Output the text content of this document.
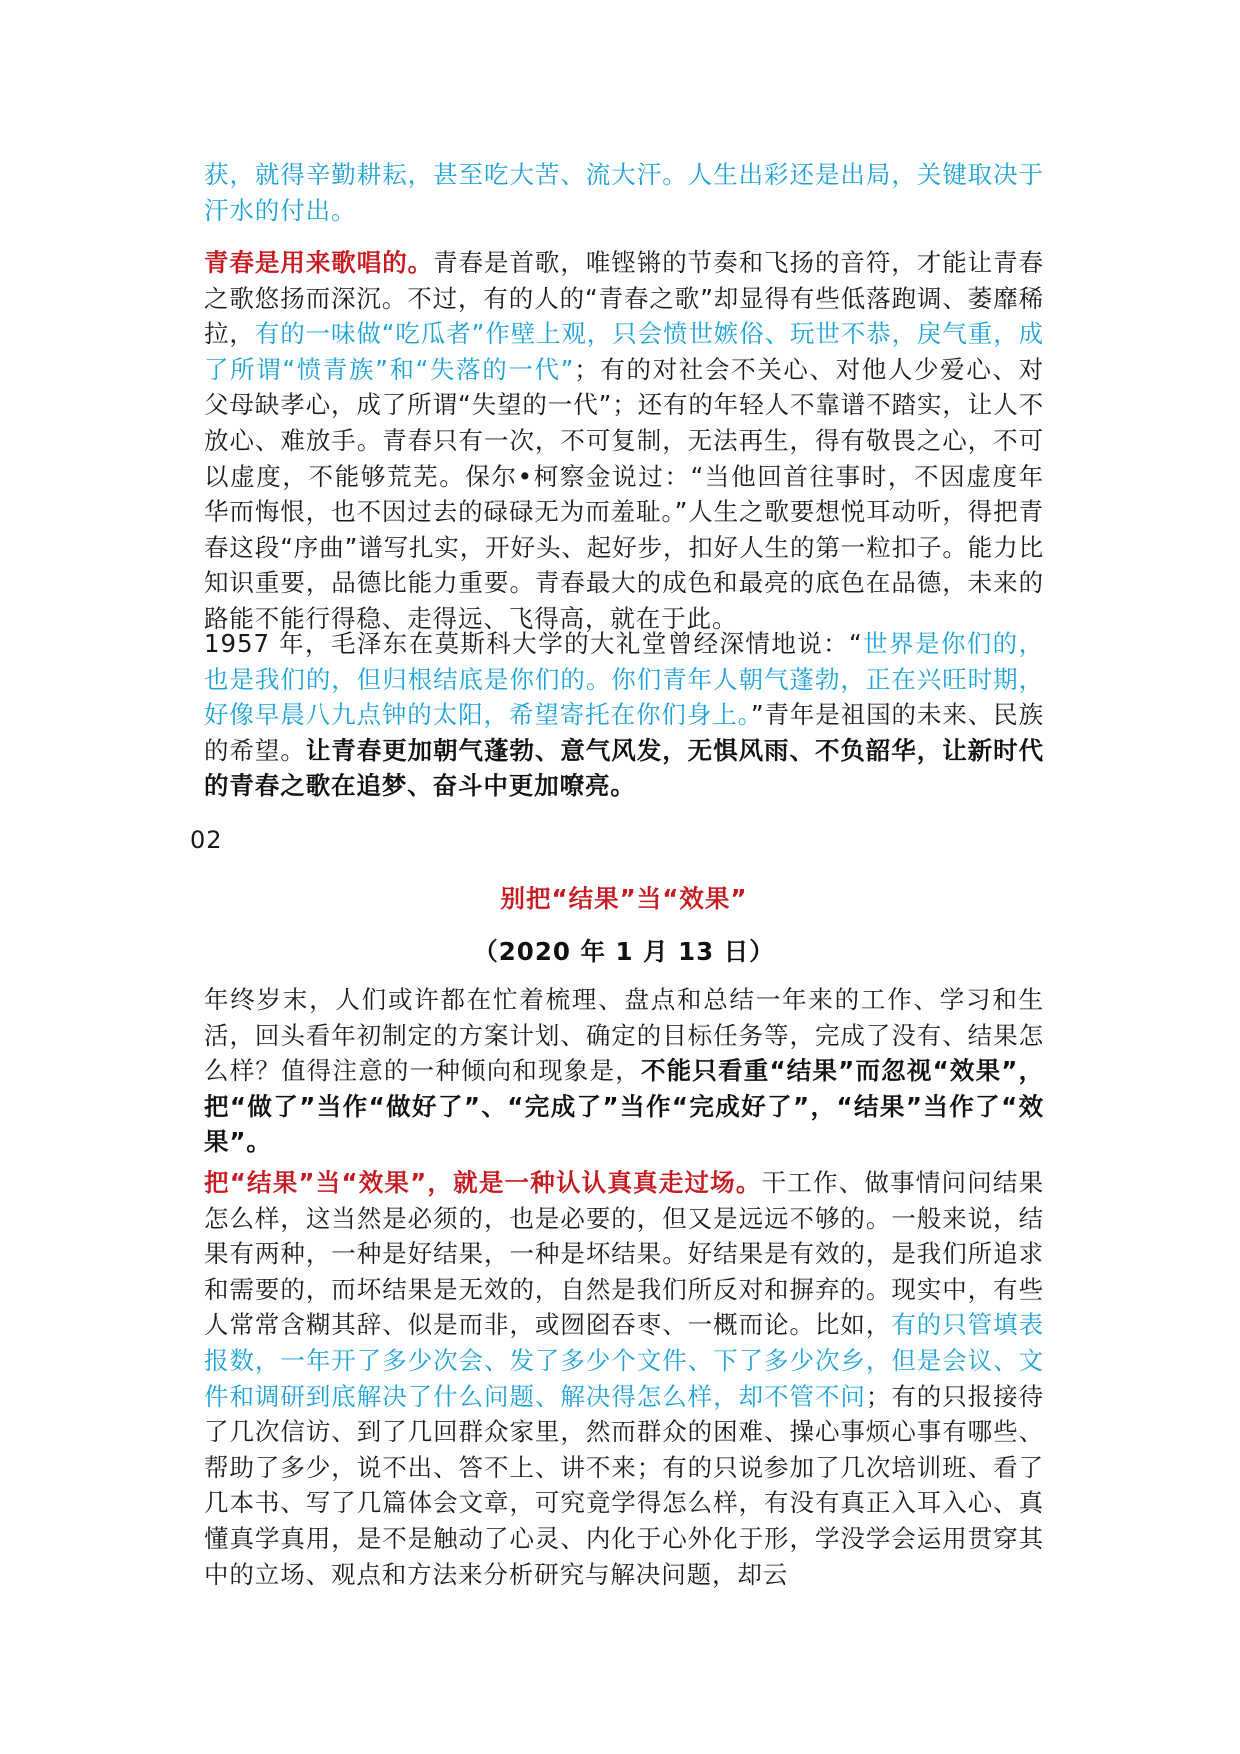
获，就得辛勤耕耘，甚至吃大苦、流大汗。人生出彩还是出局，关键取决于汗水的付出。

青春是用来歌唱的。青春是首歌，唯铿锵的节奏和飞扬的音符，才能让青春之歌悠扬而深沉。不过，有的人的“青春之歌”却显得有些低落跑调、萎靡稀拉，有的一味做“吃瓜者”作壁上观，只会愤世嫉俗、玩世不恭，戾气重，成了所谓“愤青族”和“失落的一代”；有的对社会不关心、对他人少爱心、对父母缺孝心，成了所谓“失望的一代”；还有的年轻人不靠谱不踏实，让人不放心、难放手。青春只有一次，不可复制，无法再生，得有敬畏之心，不可以虚度，不能够荒芜。保尔•柯察金说过：“当他回首往事时，不因虚度年华而悔恨，也不因过去的碌碌无为而羞耻。”人生之歌要想悦耳动听，得把青春这段“序曲”谱写扎实，开好头、起好步，扣好人生的第一粒扣子。能力比知识重要，品德比能力重要。青春最大的成色和最亮的底色在品德，未来的路能不能行得稳、走得远、飞得高，就在于此。

1957 年，毛泽东在莫斯科大学的大礼堂曾经深情地说：“世界是你们的，也是我们的，但归根结底是你们的。你们青年人朝气蓬勃，正在兴旺时期，好像早晨八九点钟的太阳，希望寄托在你们身上。”青年是祖国的未来、民族的希望。让青春更加朝气蓬勃、意气风发，无惧风雨、不负韶华，让新时代的青春之歌在追梦、奋斗中更加嘹亮。

02

别把“结果”当“效果”

（2020 年 1 月 13 日）

年终岁末，人们或许都在忙着梳理、盘点和总结一年来的工作、学习和生活，回头看年初制定的方案计划、确定的目标任务等，完成了没有、结果怎么样？值得注意的一种倾向和现象是，不能只看重“结果”而忽视“效果”，把“做了”当作“做好了”、“完成了”当作“完成好了”，“结果”当作了“效果”。

把“结果”当“效果”，就是一种认认真真走过场。干工作、做事情问问结果怎么样，这当然是必须的，也是必要的，但又是远远不够的。一般来说，结果有两种，一种是好结果，一种是坏结果。好结果是有效的，是我们所追求和需要的，而坏结果是无效的，自然是我们所反对和摒弃的。现实中，有些人常常含糊其辞、似是而非，或囫囵吞枣、一概而论。比如，有的只管填表报数，一年开了多少次会、发了多少个文件、下了多少次乡，但是会议、文件和调研到底解决了什么问题、解决得怎么样，却不管不问；有的只报接待了几次信访、到了几回群众家里，然而群众的困难、操心事烦心事有哪些、帮助了多少，说不出、答不上、讲不来；有的只说参加了几次培训班、看了几本书、写了几篇体会文章，可究竟学得怎么样，有没有真正入耳入心、真懂真学真用，是不是触动了心灵、内化于心外化于形，学没学会运用贯穿其中的立场、观点和方法来分析研究与解决问题，却云
